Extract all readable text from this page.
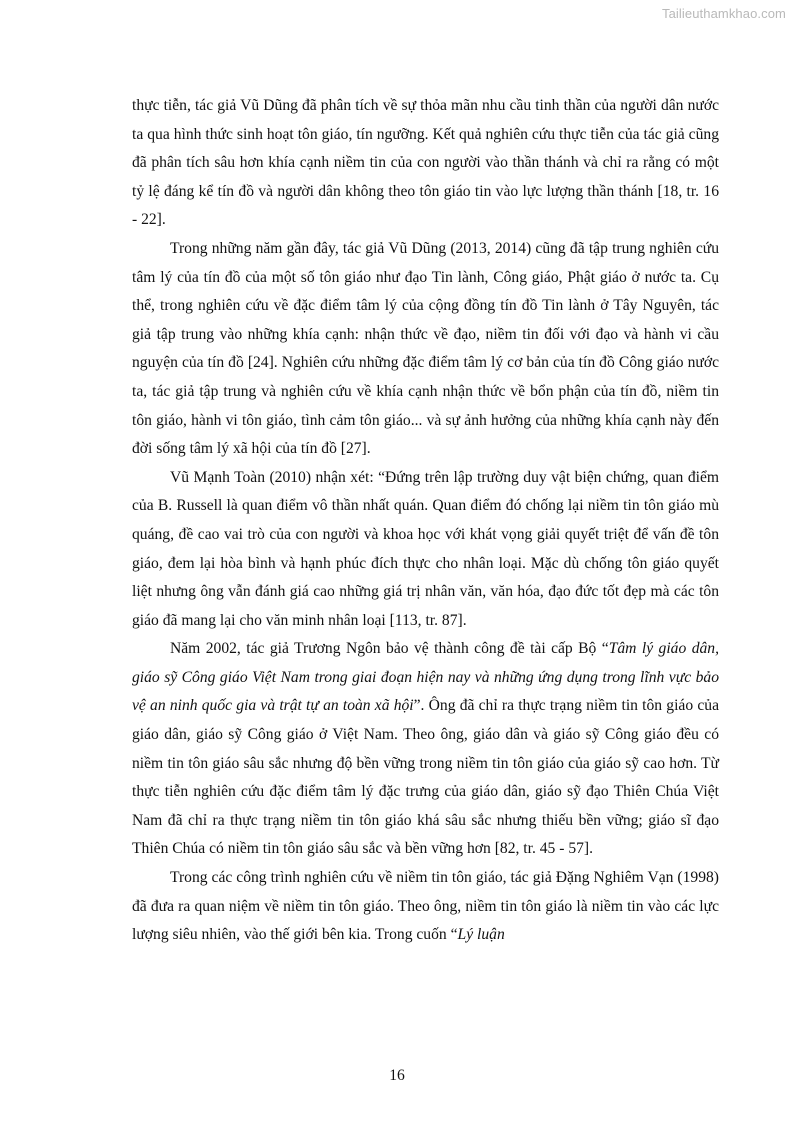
Tailieuthamkhao.com

thực tiễn, tác giả Vũ Dũng đã phân tích về sự thỏa mãn nhu cầu tinh thần của người dân nước ta qua hình thức sinh hoạt tôn giáo, tín ngưỡng. Kết quả nghiên cứu thực tiễn của tác giả cũng đã phân tích sâu hơn khía cạnh niềm tin của con người vào thần thánh và chỉ ra rằng có một tỷ lệ đáng kể tín đồ và người dân không theo tôn giáo tin vào lực lượng thần thánh [18, tr. 16 - 22].

Trong những năm gần đây, tác giả Vũ Dũng (2013, 2014) cũng đã tập trung nghiên cứu tâm lý của tín đồ của một số tôn giáo như đạo Tin lành, Công giáo, Phật giáo ở nước ta. Cụ thể, trong nghiên cứu về đặc điểm tâm lý của cộng đồng tín đồ Tin lành ở Tây Nguyên, tác giả tập trung vào những khía cạnh: nhận thức về đạo, niềm tin đối với đạo và hành vi cầu nguyện của tín đồ [24]. Nghiên cứu những đặc điểm tâm lý cơ bản của tín đồ Công giáo nước ta, tác giả tập trung và nghiên cứu về khía cạnh nhận thức về bổn phận của tín đồ, niềm tin tôn giáo, hành vi tôn giáo, tình cảm tôn giáo... và sự ảnh hưởng của những khía cạnh này đến đời sống tâm lý xã hội của tín đồ [27].

Vũ Mạnh Toàn (2010) nhận xét: “Đứng trên lập trường duy vật biện chứng, quan điểm của B. Russell là quan điểm vô thần nhất quán. Quan điểm đó chống lại niềm tin tôn giáo mù quáng, đề cao vai trò của con người và khoa học với khát vọng giải quyết triệt để vấn đề tôn giáo, đem lại hòa bình và hạnh phúc đích thực cho nhân loại. Mặc dù chống tôn giáo quyết liệt nhưng ông vẫn đánh giá cao những giá trị nhân văn, văn hóa, đạo đức tốt đẹp mà các tôn giáo đã mang lại cho văn minh nhân loại [113, tr. 87].

Năm 2002, tác giả Trương Ngôn bảo vệ thành công đề tài cấp Bộ “Tâm lý giáo dân, giáo sỹ Công giáo Việt Nam trong giai đoạn hiện nay và những ứng dụng trong lĩnh vực bảo vệ an ninh quốc gia và trật tự an toàn xã hội”. Ông đã chỉ ra thực trạng niềm tin tôn giáo của giáo dân, giáo sỹ Công giáo ở Việt Nam. Theo ông, giáo dân và giáo sỹ Công giáo đều có niềm tin tôn giáo sâu sắc nhưng độ bền vững trong niềm tin tôn giáo của giáo sỹ cao hơn. Từ thực tiễn nghiên cứu đặc điểm tâm lý đặc trưng của giáo dân, giáo sỹ đạo Thiên Chúa Việt Nam đã chỉ ra thực trạng niềm tin tôn giáo khá sâu sắc nhưng thiếu bền vững; giáo sĩ đạo Thiên Chúa có niềm tin tôn giáo sâu sắc và bền vững hơn [82, tr. 45 - 57].

Trong các công trình nghiên cứu về niềm tin tôn giáo, tác giả Đặng Nghiêm Vạn (1998) đã đưa ra quan niệm về niềm tin tôn giáo. Theo ông, niềm tin tôn giáo là niềm tin vào các lực lượng siêu nhiên, vào thế giới bên kia. Trong cuốn “Lý luận

16
